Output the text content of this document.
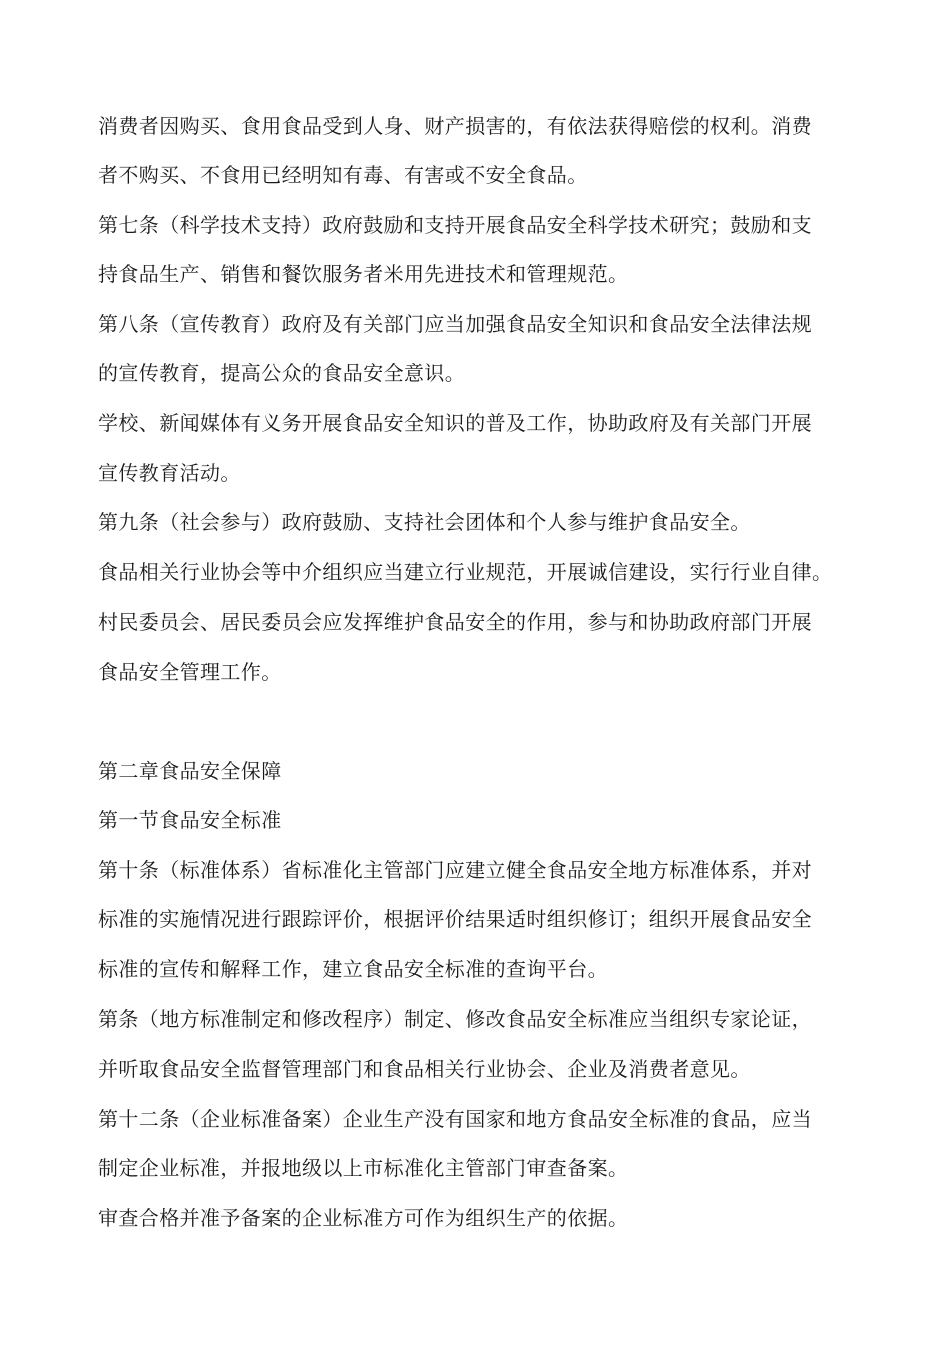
消费者因购买、食用食品受到人身、财产损害的，有依法获得赔偿的权利。消费
者不购买、不食用已经明知有毒、有害或不安全食品。
第七条（科学技术支持）政府鼓励和支持开展食品安全科学技术研究；鼓励和支
持食品生产、销售和餐饮服务者米用先进技术和管理规范。
第八条（宣传教育）政府及有关部门应当加强食品安全知识和食品安全法律法规
的宣传教育，提高公众的食品安全意识。
学校、新闻媒体有义务开展食品安全知识的普及工作，协助政府及有关部门开展
宣传教育活动。
第九条（社会参与）政府鼓励、支持社会团体和个人参与维护食品安全。
食品相关行业协会等中介组织应当建立行业规范，开展诚信建设，实行行业自律。
村民委员会、居民委员会应发挥维护食品安全的作用，参与和协助政府部门开展
食品安全管理工作。
第二章食品安全保障
第一节食品安全标准
第十条（标准体系）省标准化主管部门应建立健全食品安全地方标准体系，并对
标准的实施情况进行跟踪评价，根据评价结果适时组织修订；组织开展食品安全
标准的宣传和解释工作，建立食品安全标准的查询平台。
第条（地方标准制定和修改程序）制定、修改食品安全标准应当组织专家论证，
并听取食品安全监督管理部门和食品相关行业协会、企业及消费者意见。
第十二条（企业标准备案）企业生产没有国家和地方食品安全标准的食品，应当
制定企业标准，并报地级以上市标准化主管部门审查备案。
审查合格并准予备案的企业标准方可作为组织生产的依据。
